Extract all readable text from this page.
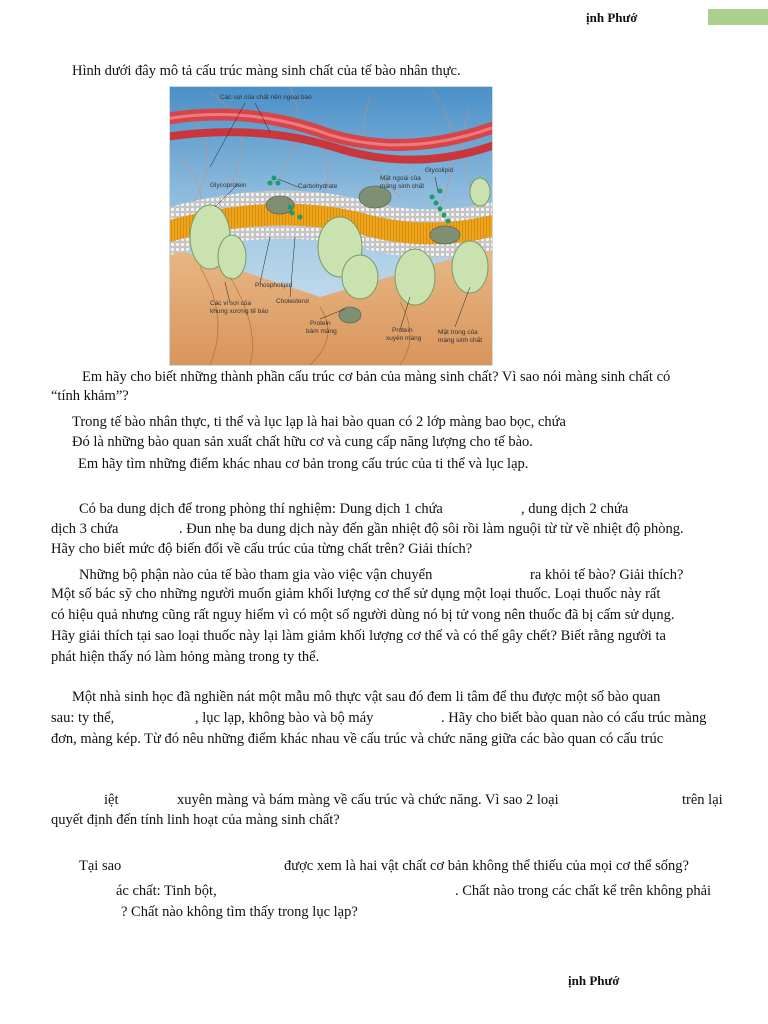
ịnh Phướ
Hình dưới đây mô tả cấu trúc màng sinh chất của tế bào nhân thực.
Các sợi của chất nền ngoại bào
Glycoprotein	Carbohydrate
Mặt ngoài của
màng sinh chất
Glycolipid
Phospholipid
Các vi sợi của
khung xương tế bào
Cholesterol
Protein
bám màng	Protein
xuyên màng
Mặt trong của
màng sinh chất
Em hãy cho biết những thành phần cấu trúc cơ bản của màng sinh chất? Vì sao nói màng sinh chất có
“tính khảm”?
Trong tế bào nhân thực, ti thể và lục lạp là hai bào quan có 2 lớp màng bao bọc, chứa
Đó là những bào quan sản xuất chất hữu cơ và cung cấp năng lượng cho tế bào.
Em hãy tìm những điểm khác nhau cơ bản trong cấu trúc của ti thể và lục lạp.
Có ba dung dịch để trong phòng thí nghiệm: Dung dịch 1 chứa	, dung dịch 2 chứa
dịch 3 chứa	. Đun nhẹ ba dung dịch này đến gần nhiệt độ sôi rồi làm nguội từ từ về nhiệt độ phòng.
Hãy cho biết mức độ biến đổi về cấu trúc của từng chất trên? Giải thích?
Những bộ phận nào của tế bào tham gia vào việc vận chuyển	ra khỏi tế bào? Giải thích?
Một số bác sỹ cho những người muốn giảm khối lượng cơ thể sử dụng một loại thuốc. Loại thuốc này rất
có hiệu quả nhưng cũng rất nguy hiểm vì có một số người dùng nó bị tử vong nên thuốc đã bị cấm sử dụng.
Hãy giải thích tại sao loại thuốc này lại làm giảm khối lượng cơ thể và có thể gây chết? Biết rằng người ta
phát hiện thấy nó làm hỏng màng trong ty thể.
Một nhà sinh học đã nghiền nát một mẫu mô thực vật sau đó đem li tâm để thu được một số bào quan
sau: ty thể,	, lục lạp, không bào và bộ máy	. Hãy cho biết bào quan nào có cấu trúc màng
đơn, màng kép. Từ đó nêu những điểm khác nhau về cấu trúc và chức năng giữa các bào quan có cấu trúc
iệt	xuyên màng và bám màng về cấu trúc và chức năng. Vì sao 2 loại	trên lại
quyết định đến tính linh hoạt của màng sinh chất?
Tại sao	được xem là hai vật chất cơ bản không thể thiếu của mọi cơ thể sống?
ác chất: Tinh bột,	. Chất nào trong các chất kể trên không phải
? Chất nào không tìm thấy trong lục lạp?
ịnh Phướ
